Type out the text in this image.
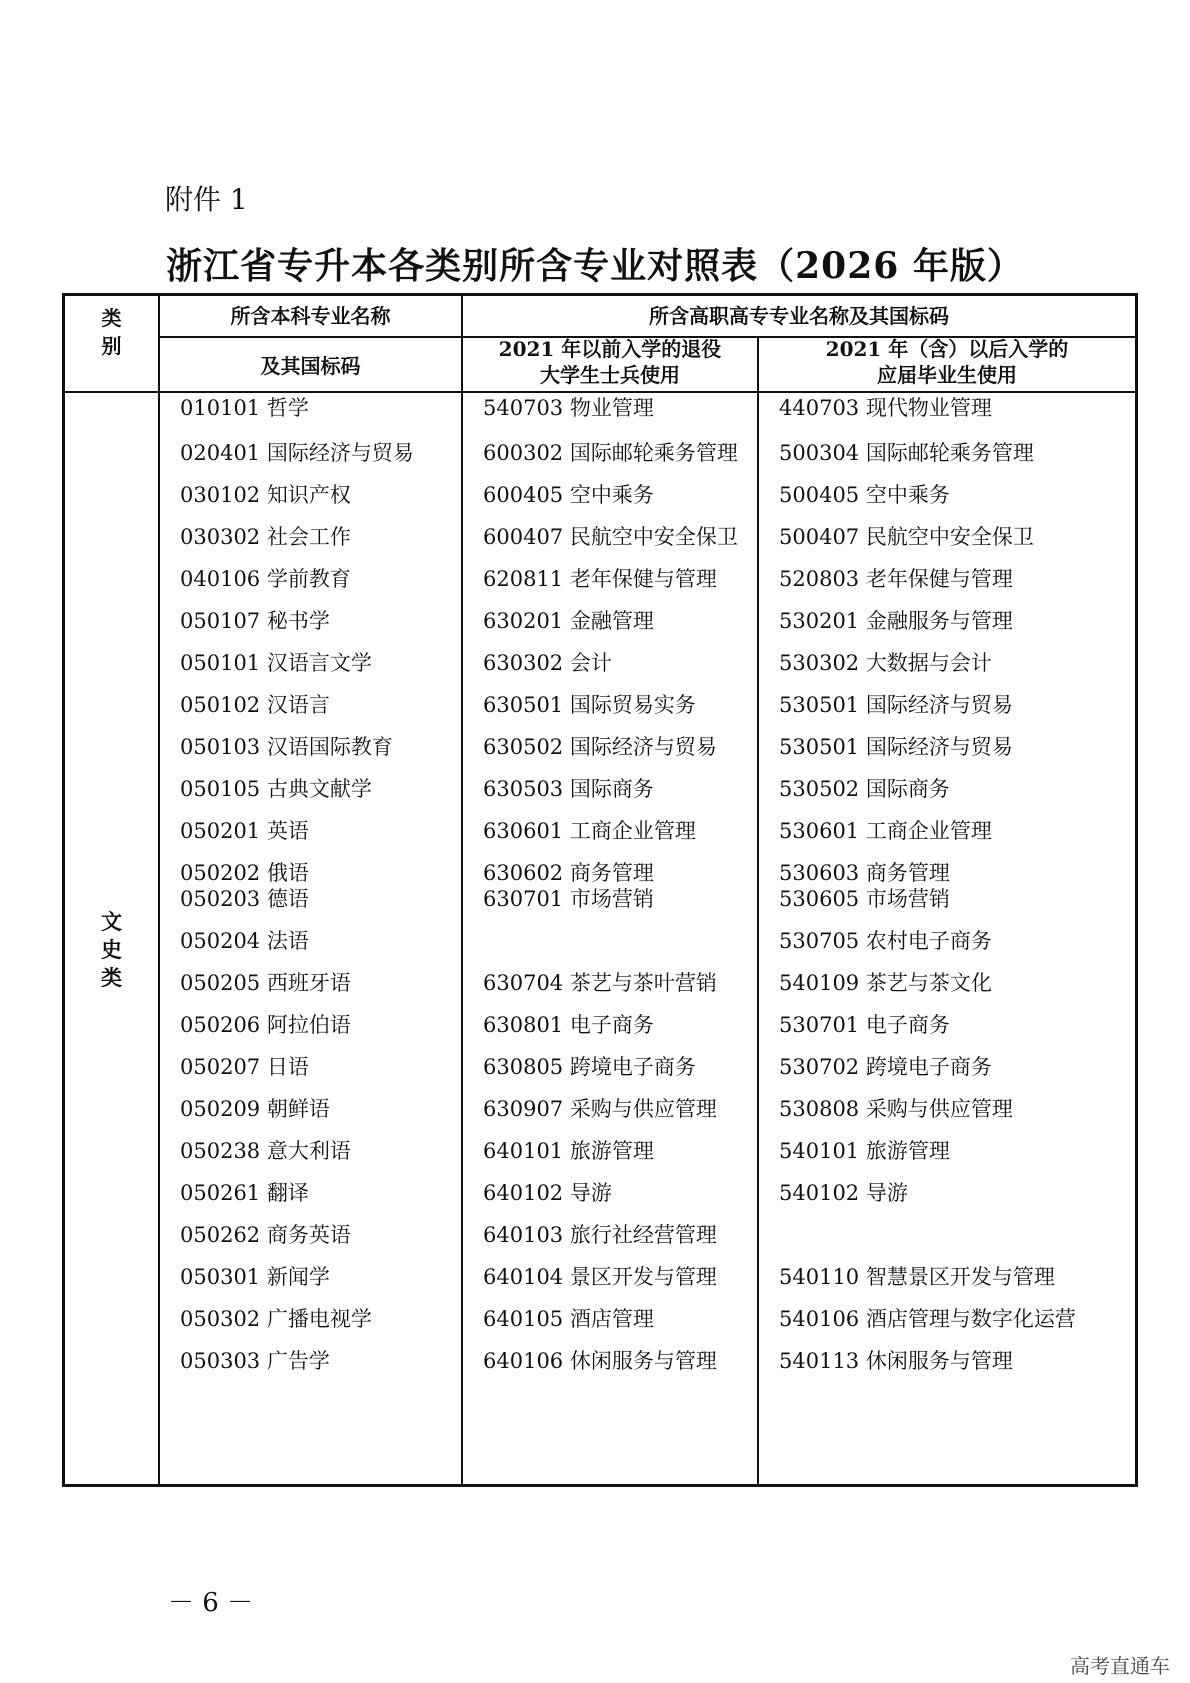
附件 1
浙江省专升本各类别所含专业对照表（2026 年版）
类
别
所含本科专业名称
及其国标码
所含高职高专专业名称及其国标码
2021 年以前入学的退役
大学生士兵使用
2021 年（含）以后入学的
应届毕业生使用
文
史
类
010101 哲学
020401 国际经济与贸易
030102 知识产权
030302 社会工作
040106 学前教育
050107 秘书学
050101 汉语言文学
050102 汉语言
050103 汉语国际教育
050105 古典文献学
050201 英语
050202 俄语
050203 德语
050204 法语
050205 西班牙语
050206 阿拉伯语
050207 日语
050209 朝鲜语
050238 意大利语
050261 翻译
050262 商务英语
050301 新闻学
050302 广播电视学
050303 广告学
540703 物业管理
600302 国际邮轮乘务管理
600405 空中乘务
600407 民航空中安全保卫
620811 老年保健与管理
630201 金融管理
630302 会计
630501 国际贸易实务
630502 国际经济与贸易
630503 国际商务
630601 工商企业管理
630602 商务管理
630701 市场营销
630704 茶艺与茶叶营销
630801 电子商务
630805 跨境电子商务
630907 采购与供应管理
640101 旅游管理
640102 导游
640103 旅行社经营管理
640104 景区开发与管理
640105 酒店管理
640106 休闲服务与管理
440703 现代物业管理
500304 国际邮轮乘务管理
500405 空中乘务
500407 民航空中安全保卫
520803 老年保健与管理
530201 金融服务与管理
530302 大数据与会计
530501 国际经济与贸易
530501 国际经济与贸易
530502 国际商务
530601 工商企业管理
530603 商务管理
530605 市场营销
530705 农村电子商务
540109 茶艺与茶文化
530701 电子商务
530702 跨境电子商务
530808 采购与供应管理
540101 旅游管理
540102 导游
540110 智慧景区开发与管理
540106 酒店管理与数字化运营
540113 休闲服务与管理
－ 6 －
高考直通车
